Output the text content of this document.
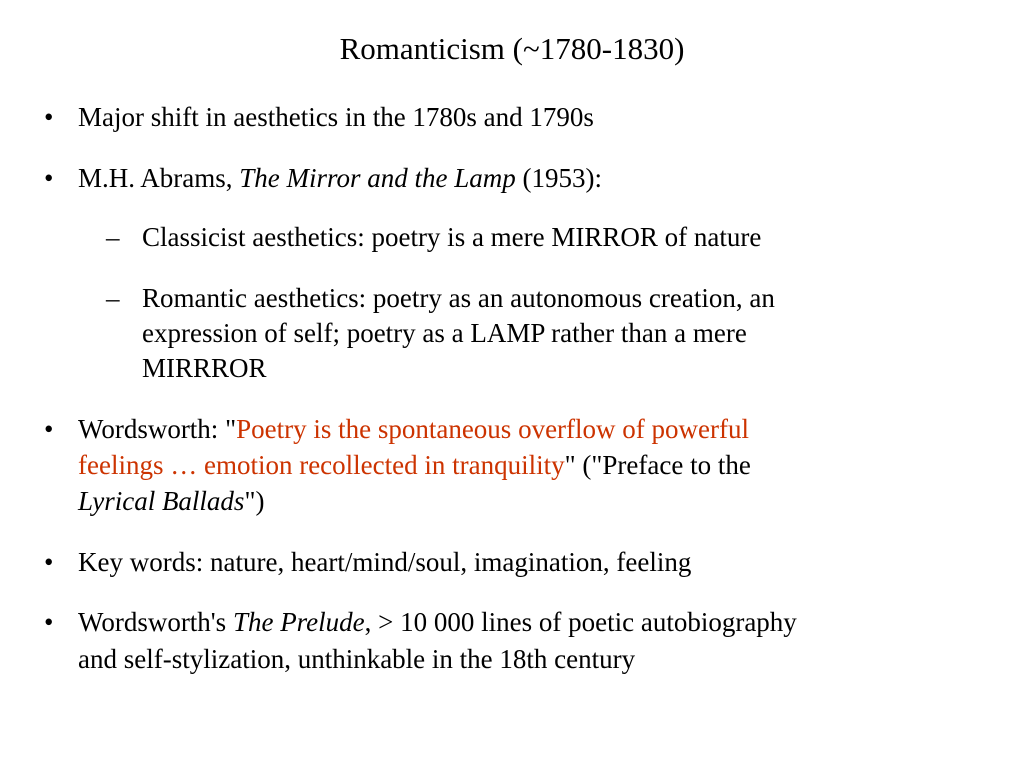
Romanticism (~1780-1830)
• Major shift in aesthetics in the 1780s and 1790s
• M.H. Abrams, The Mirror and the Lamp (1953):
– Classicist aesthetics: poetry is a mere MIRROR of nature
– Romantic aesthetics: poetry as an autonomous creation, an
expression of self; poetry as a LAMP rather than a mere
MIRRROR
• Wordsworth: "Poetry is the spontaneous overflow of powerful
feelings … emotion recollected in tranquility" ("Preface to the
Lyrical Ballads")
• Key words: nature, heart/mind/soul, imagination, feeling
• Wordsworth's The Prelude, > 10 000 lines of poetic autobiography
and self-stylization, unthinkable in the 18th century
